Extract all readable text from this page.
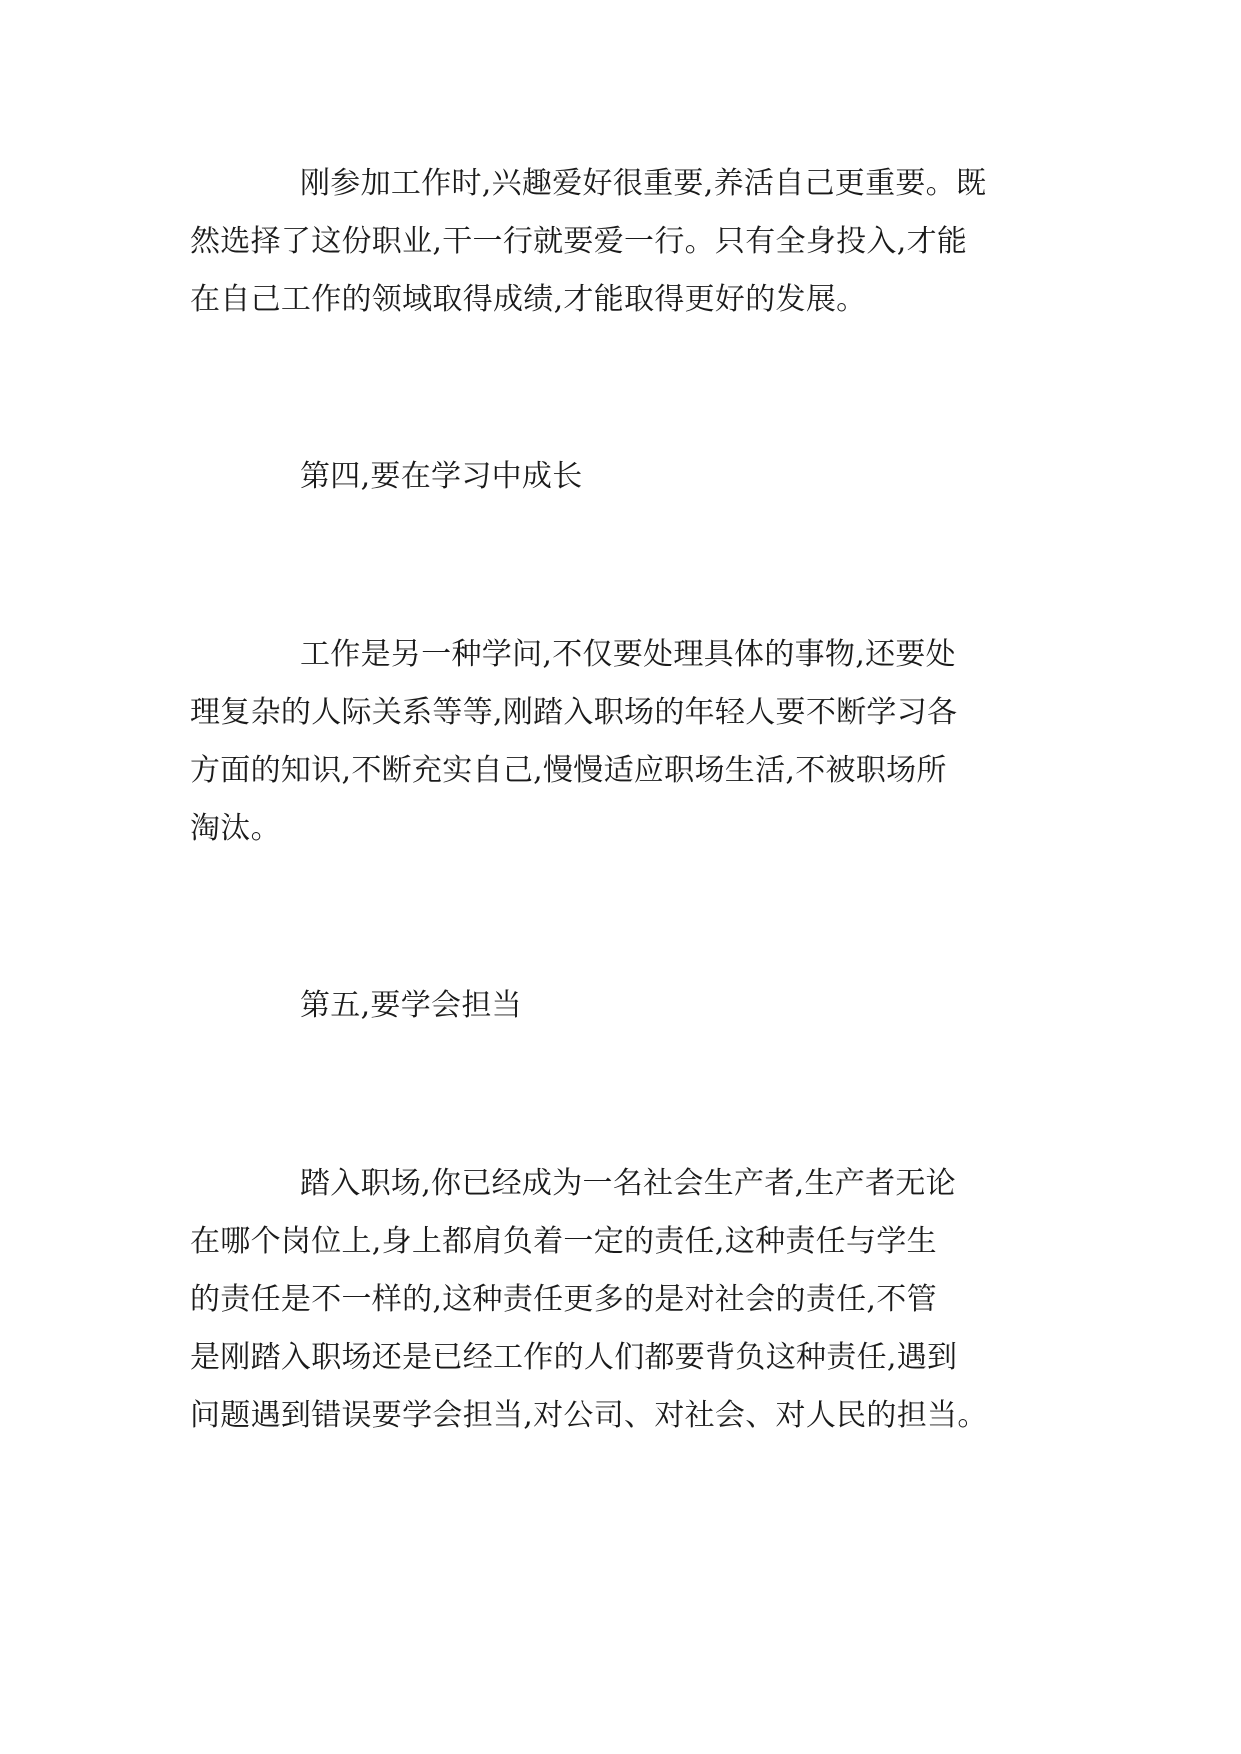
刚参加工作时,兴趣爱好很重要,养活自己更重要。既
然选择了这份职业,干一行就要爱一行。只有全身投入,才能
在自己工作的领域取得成绩,才能取得更好的发展。
第四,要在学习中成长
工作是另一种学问,不仅要处理具体的事物,还要处
理复杂的人际关系等等,刚踏入职场的年轻人要不断学习各
方面的知识,不断充实自己,慢慢适应职场生活,不被职场所
淘汰。
第五,要学会担当
踏入职场,你已经成为一名社会生产者,生产者无论
在哪个岗位上,身上都肩负着一定的责任,这种责任与学生
的责任是不一样的,这种责任更多的是对社会的责任,不管
是刚踏入职场还是已经工作的人们都要背负这种责任,遇到
问题遇到错误要学会担当,对公司、对社会、对人民的担当。
